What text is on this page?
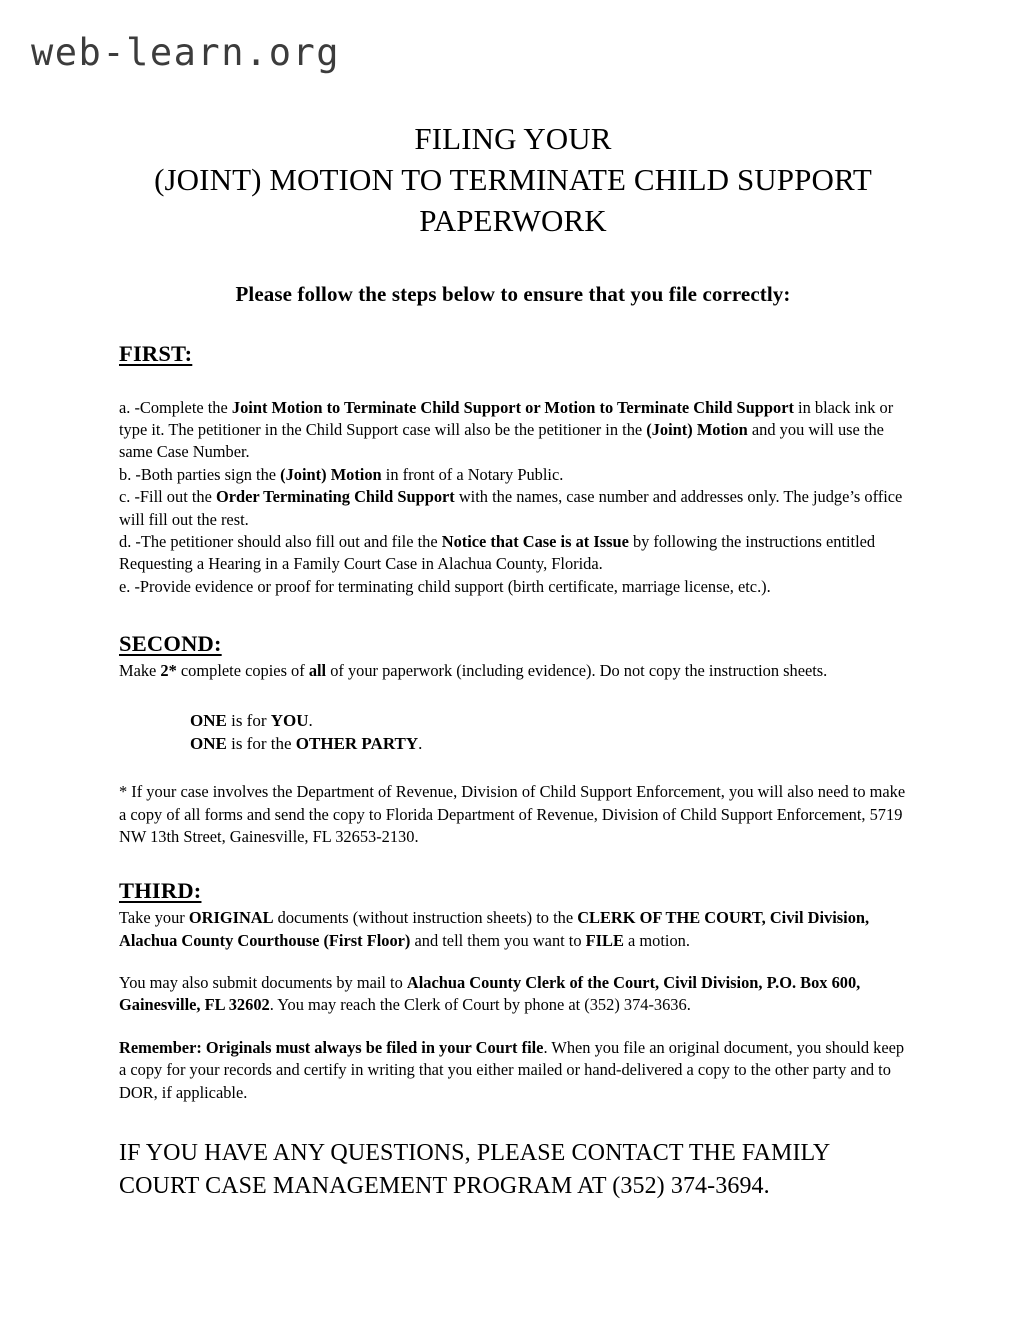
web-learn.org
FILING YOUR
(JOINT) MOTION TO TERMINATE CHILD SUPPORT
PAPERWORK

Please follow the steps below to ensure that you file correctly:

FIRST:

a. -Complete the Joint Motion to Terminate Child Support or Motion to Terminate Child Support in black ink or type it. The petitioner in the Child Support case will also be the petitioner in the (Joint) Motion and you will use the same Case Number.

b. -Both parties sign the (Joint) Motion in front of a Notary Public.

c. -Fill out the Order Terminating Child Support with the names, case number and addresses only. The judge’s office will fill out the rest.

d. -The petitioner should also fill out and file the Notice that Case is at Issue by following the instructions entitled Requesting a Hearing in a Family Court Case in Alachua County, Florida.

e. -Provide evidence or proof for terminating child support (birth certificate, marriage license, etc.).

SECOND:

Make 2* complete copies of all of your paperwork (including evidence). Do not copy the instruction sheets.

ONE is for YOU.
ONE is for the OTHER PARTY.

* If your case involves the Department of Revenue, Division of Child Support Enforcement, you will also need to make a copy of all forms and send the copy to Florida Department of Revenue, Division of Child Support Enforcement, 5719 NW 13th Street, Gainesville, FL 32653-2130.

THIRD:

Take your ORIGINAL documents (without instruction sheets) to the CLERK OF THE COURT, Civil Division, Alachua County Courthouse (First Floor) and tell them you want to FILE a motion.

You may also submit documents by mail to Alachua County Clerk of the Court, Civil Division, P.O. Box 600, Gainesville, FL 32602. You may reach the Clerk of Court by phone at (352) 374-3636.

Remember: Originals must always be filed in your Court file. When you file an original document, you should keep a copy for your records and certify in writing that you either mailed or hand-delivered a copy to the other party and to DOR, if applicable.

IF YOU HAVE ANY QUESTIONS, PLEASE CONTACT THE FAMILY
COURT CASE MANAGEMENT PROGRAM AT (352) 374-3694.
